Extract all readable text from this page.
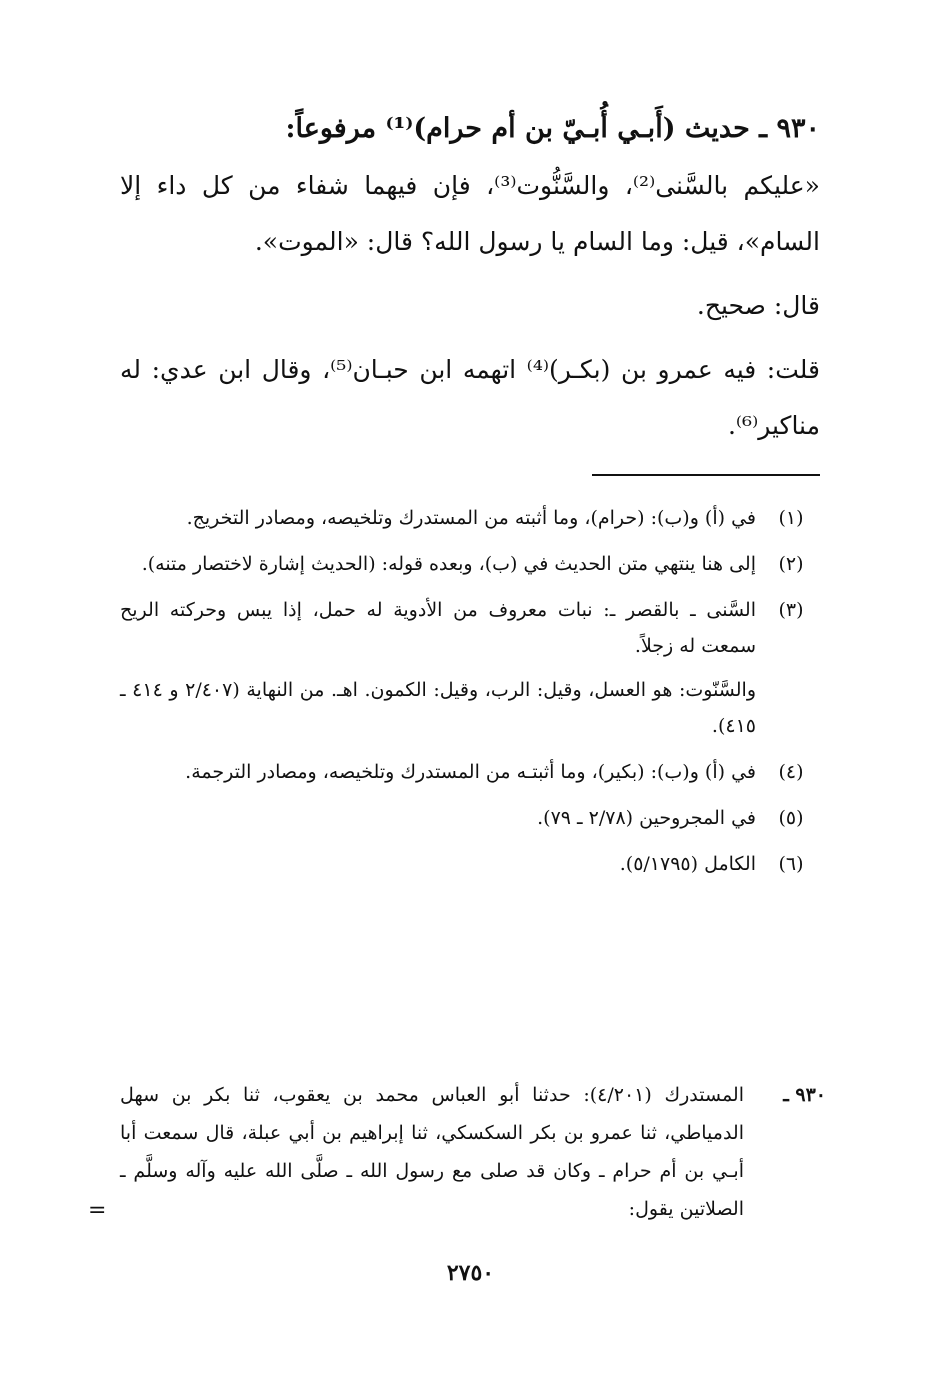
٩٣٠ ـ حديث (أَبـي أُبـيّ بن أم حرام)⁽¹⁾ مرفوعاً:

«عليكم بالسَّنى⁽²⁾، والسَّنُّوت⁽³⁾، فإن فيهما شفاء من كل داء إلا السام»، قيل: وما السام يا رسول الله؟ قال: «الموت».

قال: صحيح.

قلت: فيه عمرو بن (بكـر)⁽⁴⁾ اتهمه ابن حبـان⁽⁵⁾، وقال ابن عدي: له مناكير⁽⁶⁾.

(١)

في (أ) و(ب): (حرام)، وما أثبته من المستدرك وتلخيصه، ومصادر التخريج.

(٢)

إلى هنا ينتهي متن الحديث في (ب)، وبعده قوله: (الحديث إشارة لاختصار متنه).

(٣)

السَّنى ـ بالقصر ـ: نبات معروف من الأدوية له حمل، إذا يبس وحركته الريح سمعت له زجلاً.

والسَّنّوت: هو العسل، وقيل: الرب، وقيل: الكمون. اهـ. من النهاية (٢/٤٠٧ و ٤١٤ ـ ٤١٥).

(٤)

في (أ) و(ب): (بكير)، وما أثبتـه من المستدرك وتلخيصه، ومصادر الترجمة.

(٥)

في المجروحين (٢/٧٨ ـ ٧٩).

(٦)

الكامل (٥/١٧٩٥).

٩٣٠ ـ
المستدرك (٤/٢٠١): حدثنا أبو العباس محمد بن يعقوب، ثنا بكر بن سهل الدمياطي، ثنا عمرو بن بكر السكسكي، ثنا إبراهيم بن أبي عبلة، قال سمعت أبا أبـي بن أم حرام ـ وكان قد صلى مع رسول الله ـ صلَّى الله عليه وآله وسلَّم ـ الصلاتين يقول:
=
٢٧٥٠
